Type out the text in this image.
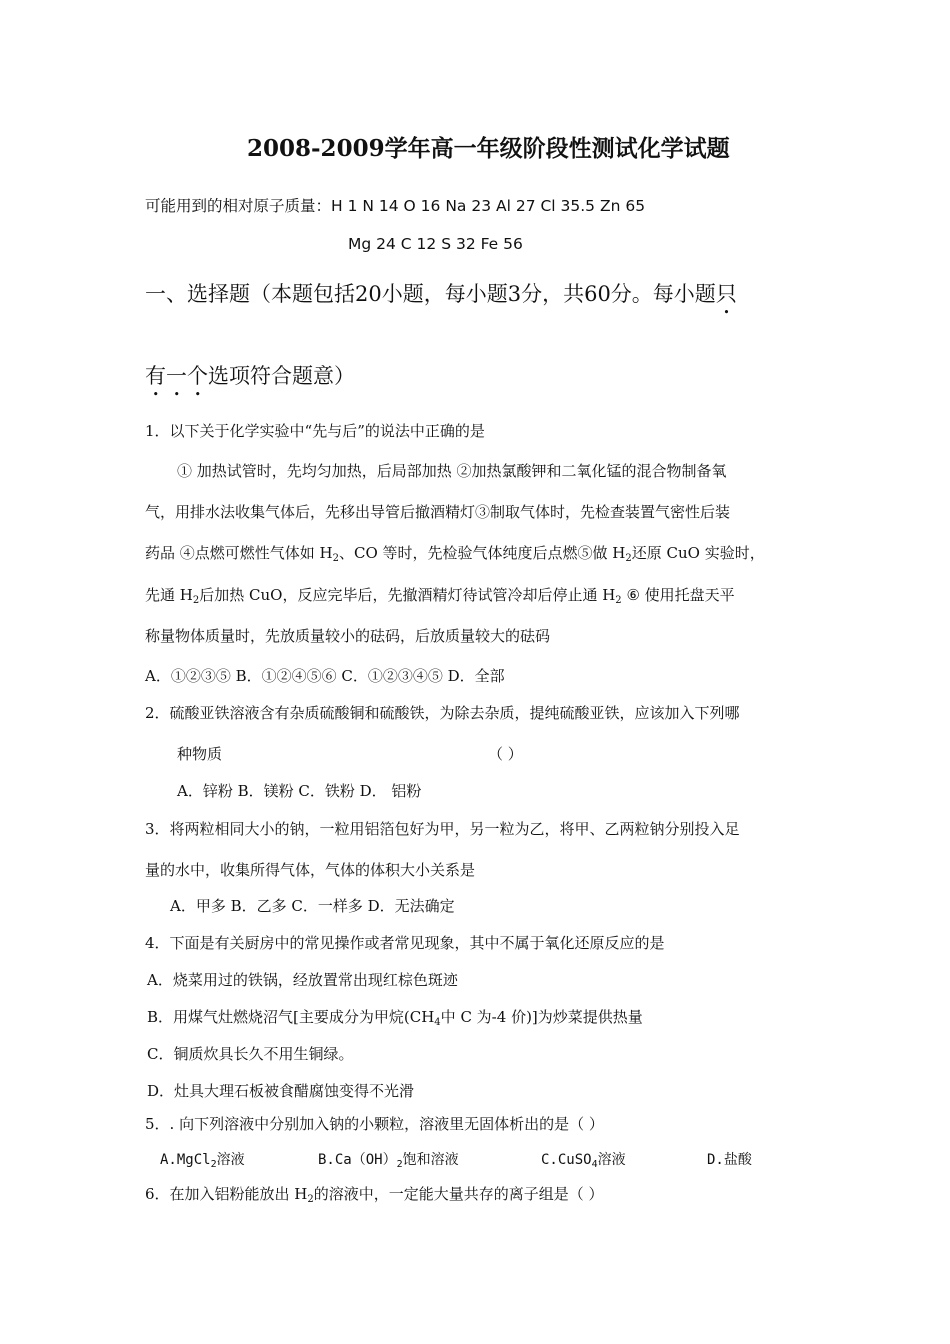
2008-2009学年高一年级阶段性测试化学试题
可能用到的相对原子质量：H 1 N 14 O 16 Na 23 Al 27 Cl 35.5 Zn 65
Mg 24 C 12 S 32 Fe 56
一、选择题（本题包括20小题，每小题3分，共60分。每小题只
有一个选项符合题意）
1．以下关于化学实验中“先与后”的说法中正确的是
① 加热试管时，先均匀加热，后局部加热 ②加热氯酸钾和二氧化锰的混合物制备氧
气，用排水法收集气体后，先移出导管后撤酒精灯③制取气体时，先检查装置气密性后装
药品 ④点燃可燃性气体如 $H_2$、CO 等时，先检验气体纯度后点燃⑤做 $H_2$还原 CuO 实验时，
先通 $H_2$后加热 CuO，反应完毕后，先撤酒精灯待试管冷却后停止通 $H_2$ ⑥ 使用托盘天平
称量物体质量时，先放质量较小的砝码，后放质量较大的砝码
A．①②③⑤ B．①②④⑤⑥ C．①②③④⑤ D．全部
2．硫酸亚铁溶液含有杂质硫酸铜和硫酸铁，为除去杂质，提纯硫酸亚铁，应该加入下列哪
种物质	（ ）
A．锌粉 B．镁粉 C．铁粉 D． 铝粉
3．将两粒相同大小的钠，一粒用铝箔包好为甲，另一粒为乙，将甲、乙两粒钠分别投入足
量的水中，收集所得气体，气体的体积大小关系是
A．甲多 B．乙多 C．一样多 D．无法确定
4．下面是有关厨房中的常见操作或者常见现象，其中不属于氧化还原反应的是
A．烧菜用过的铁锅，经放置常出现红棕色斑迹
B．用煤气灶燃烧沼气[主要成分为甲烷($CH_4$中 C 为-4 价)]为炒菜提供热量
C．铜质炊具长久不用生铜绿。
D．灶具大理石板被食醋腐蚀变得不光滑
5．. 向下列溶液中分别加入钠的小颗粒，溶液里无固体析出的是（ ）
A.MgCl$_2$溶液	$B.Ca(OH)_2$饱和溶液	C.CuSO$_4$溶液	D.盐酸
6．在加入铝粉能放出 $H_2$的溶液中，一定能大量共存的离子组是（ ）
